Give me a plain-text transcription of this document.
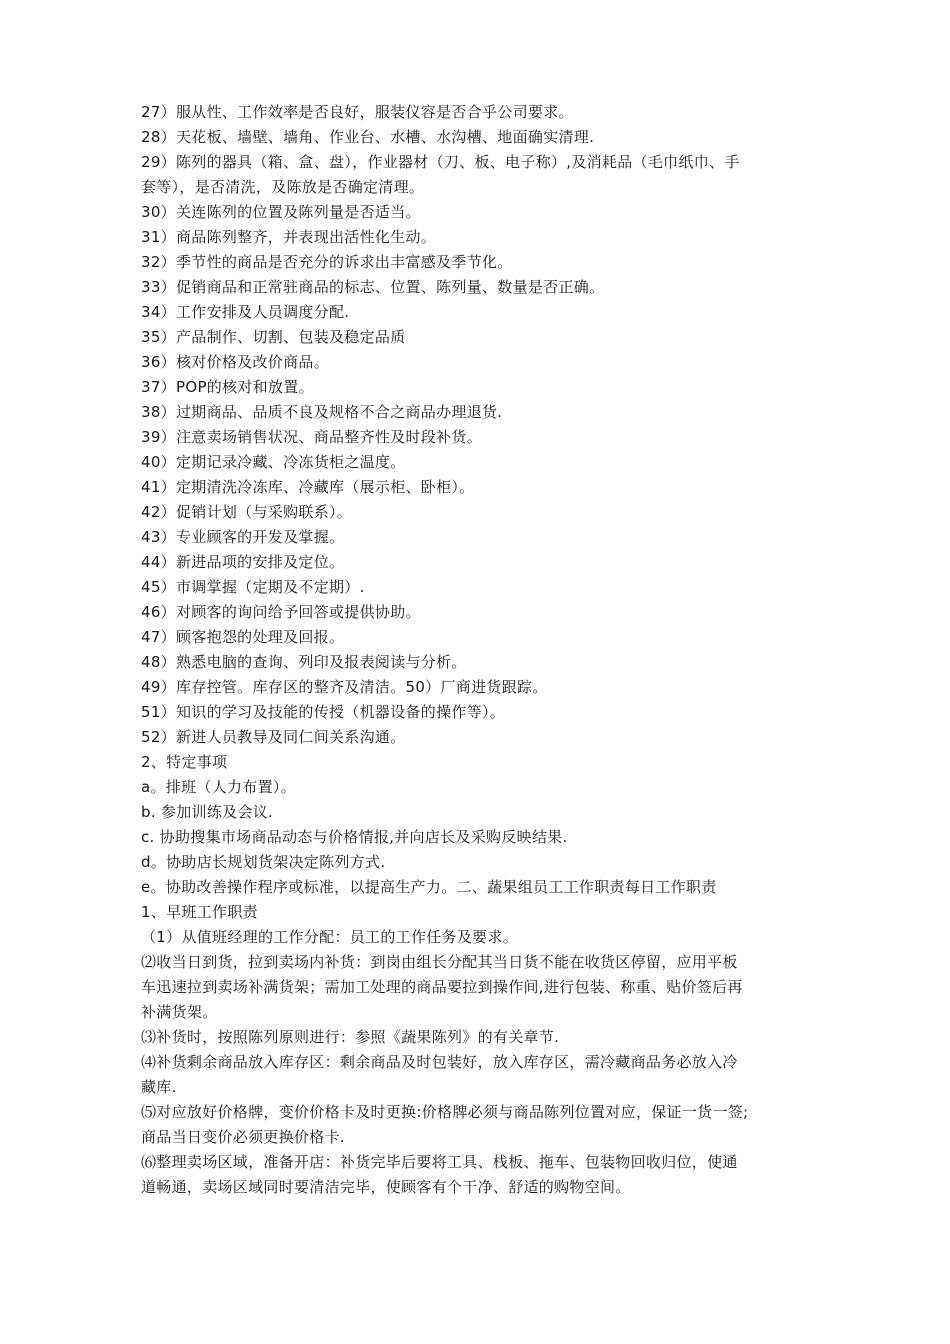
27）服从性、工作效率是否良好，服装仪容是否合乎公司要求。
28）天花板、墙壁、墙角、作业台、水槽、水沟槽、地面确实清理.
29）陈列的器具（箱、盒、盘），作业器材（刀、板、电子称）,及消耗品（毛巾纸巾、手
套等），是否清洗，及陈放是否确定清理。
30）关连陈列的位置及陈列量是否适当。
31）商品陈列整齐，并表现出活性化生动。
32）季节性的商品是否充分的诉求出丰富感及季节化。
33）促销商品和正常驻商品的标志、位置、陈列量、数量是否正确。
34）工作安排及人员调度分配.
35）产品制作、切割、包装及稳定品质
36）核对价格及改价商品。
37）POP的核对和放置。
38）过期商品、品质不良及规格不合之商品办理退货.
39）注意卖场销售状况、商品整齐性及时段补货。
40）定期记录冷藏、冷冻货柜之温度。
41）定期清洗冷冻库、冷藏库（展示柜、卧柜）。
42）促销计划（与采购联系）。
43）专业顾客的开发及掌握。
44）新进品项的安排及定位。
45）市调掌握（定期及不定期）.
46）对顾客的询问给予回答或提供协助。
47）顾客抱怨的处理及回报。
48）熟悉电脑的查询、列印及报表阅读与分析。
49）库存控管。库存区的整齐及清洁。50）厂商进货跟踪。
51）知识的学习及技能的传授（机器设备的操作等）。
52）新进人员教导及同仁间关系沟通。
2、特定事项
a。排班（人力布置）。
b. 参加训练及会议.
c. 协助搜集市场商品动态与价格情报,并向店长及采购反映结果.
d。协助店长规划货架决定陈列方式.
e。协助改善操作程序或标准，以提高生产力。二、蔬果组员工工作职责每日工作职责
1、早班工作职责
（1）从值班经理的工作分配：员工的工作任务及要求。
⑵收当日到货，拉到卖场内补货：到岗由组长分配其当日货不能在收货区停留，应用平板
车迅速拉到卖场补满货架；需加工处理的商品要拉到操作间,进行包装、称重、贴价签后再
补满货架。
⑶补货时，按照陈列原则进行：参照《蔬果陈列》的有关章节.
⑷补货剩余商品放入库存区：剩余商品及时包装好，放入库存区，需冷藏商品务必放入冷
藏库.
⑸对应放好价格牌，变价价格卡及时更换:价格牌必须与商品陈列位置对应，保证一货一签;
商品当日变价必须更换价格卡.
⑹整理卖场区域，准备开店：补货完毕后要将工具、栈板、拖车、包装物回收归位，使通
道畅通，卖场区域同时要清洁完毕，使顾客有个干净、舒适的购物空间。
